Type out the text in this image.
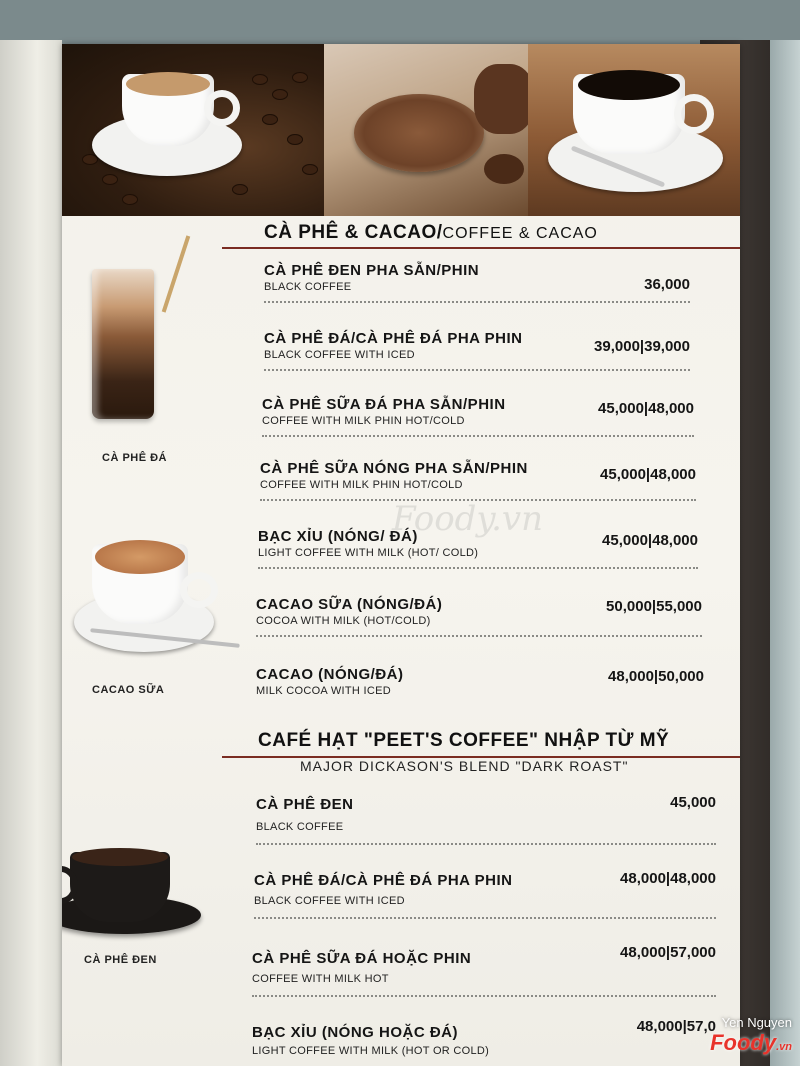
CÀ PHÊ & CACAO/COFFEE & CACAO
CÀ PHÊ ĐEN PHA SẴN/PHIN
BLACK COFFEE	36,000
CÀ PHÊ ĐÁ/CÀ PHÊ ĐÁ PHA PHIN
BLACK COFFEE WITH ICED	39,000|39,000
CÀ PHÊ SỮA ĐÁ PHA SẴN/PHIN
COFFEE WITH MILK PHIN HOT/COLD
45,000|48,000
CÀ PHÊ SỮA NÓNG PHA SẴN/PHIN
COFFEE WITH MILK PHIN HOT/COLD
45,000|48,000
BẠC XỈU (NÓNG/ ĐÁ)
LIGHT COFFEE WITH MILK (HOT/ COLD)
45,000|48,000
CACAO SỮA (NÓNG/ĐÁ)
COCOA WITH MILK (HOT/COLD)
50,000|55,000
CACAO (NÓNG/ĐÁ)
MILK COCOA WITH ICED
48,000|50,000
CAFÉ HẠT "PEET'S COFFEE" NHẬP TỪ MỸ
MAJOR DICKASON'S BLEND "DARK ROAST"
CÀ PHÊ ĐEN
BLACK COFFEE
45,000
CÀ PHÊ ĐÁ/CÀ PHÊ ĐÁ PHA PHIN
BLACK COFFEE WITH ICED
48,000|48,000
CÀ PHÊ SỮA ĐÁ HOẶC PHIN
COFFEE WITH MILK HOT
48,000|57,000
BẠC XỈU (NÓNG HOẶC ĐÁ)
LIGHT COFFEE WITH MILK (HOT OR COLD)
48,000|57,0
CÀ PHÊ ĐÁ
CACAO SỮA
CÀ PHÊ ĐEN
Foody.vn
Yen Nguyen
Foody.vn
